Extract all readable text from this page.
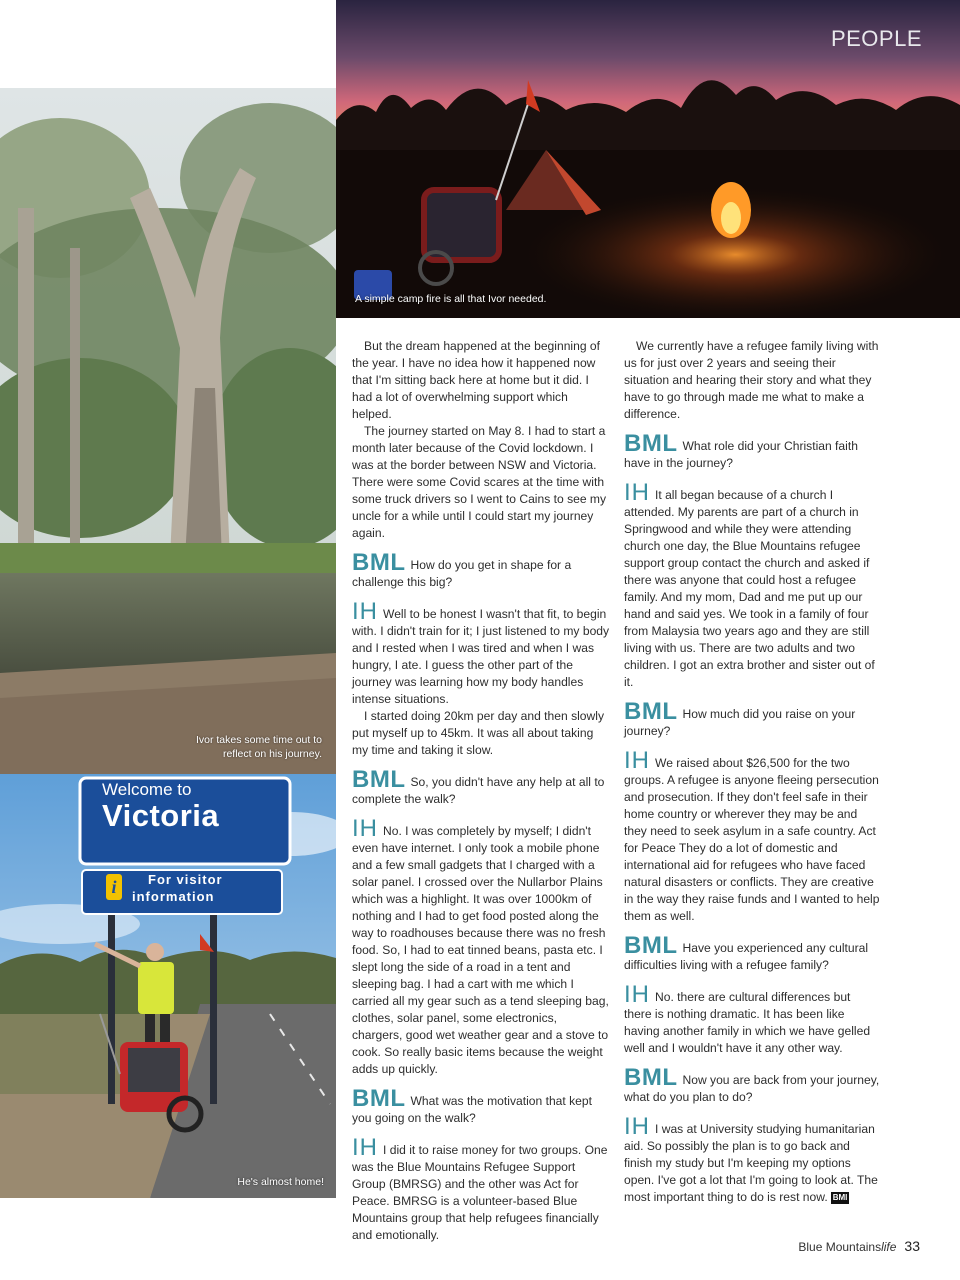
PEOPLE
A simple camp fire is all that Ivor needed.
Ivor takes some time out to reflect on his journey.
Welcome to
Victoria
For visitor
information
i
He's almost home!

But the dream happened at the beginning of the year. I have no idea how it happened now that I'm sitting back here at home but it did. I had a lot of overwhelming support which helped.

The journey started on May 8. I had to start a month later because of the Covid lockdown. I was at the border between NSW and Victoria. There were some Covid scares at the time with some truck drivers so I went to Cains to see my uncle for a while until I could start my journey again.

BML How do you get in shape for a challenge this big?

IH Well to be honest I wasn't that fit, to begin with. I didn't train for it; I just listened to my body and I rested when I was tired and when I was hungry, I ate. I guess the other part of the journey was learning how my body handles intense situations.

I started doing 20km per day and then slowly put myself up to 45km. It was all about taking my time and taking it slow.

BML So, you didn't have any help at all to complete the walk?

IH No. I was completely by myself; I didn't even have internet. I only took a mobile phone and a few small gadgets that I charged with a solar panel. I crossed over the Nullarbor Plains which was a highlight. It was over 1000km of nothing and I had to get food posted along the way to roadhouses because there was no fresh food. So, I had to eat tinned beans, pasta etc. I slept long the side of a road in a tent and sleeping bag. I had a cart with me which I carried all my gear such as a tend sleeping bag, clothes, solar panel, some electronics, chargers, good wet weather gear and a stove to cook. So really basic items because the weight adds up quickly.

BML What was the motivation that kept you going on the walk?

IH I did it to raise money for two groups. One was the Blue Mountains Refugee Support Group (BMRSG) and the other was Act for Peace. BMRSG is a volunteer-based Blue Mountains group that help refugees financially and emotionally.

We currently have a refugee family living with us for just over 2 years and seeing their situation and hearing their story and what they have to go through made me what to make a difference.

BML What role did your Christian faith have in the journey?

IH It all began because of a church I attended. My parents are part of a church in Springwood and while they were attending church one day, the Blue Mountains refugee support group contact the church and asked if there was anyone that could host a refugee family. And my mom, Dad and me put up our hand and said yes. We took in a family of four from Malaysia two years ago and they are still living with us. There are two adults and two children. I got an extra brother and sister out of it.

BML How much did you raise on your journey?

IH We raised about $26,500 for the two groups. A refugee is anyone fleeing persecution and prosecution. If they don't feel safe in their home country or wherever they may be and they need to seek asylum in a safe country. Act for Peace They do a lot of domestic and international aid for refugees who have faced natural disasters or conflicts. They are creative in the way they raise funds and I wanted to help them as well.

BML Have you experienced any cultural difficulties living with a refugee family?

IH No. there are cultural differences but there is nothing dramatic. It has been like having another family in which we have gelled well and I wouldn't have it any other way.

BML Now you are back from your journey, what do you plan to do?

IH I was at University studying humanitarian aid. So possibly the plan is to go back and finish my study but I'm keeping my options open. I've got a lot that I'm going to look at. The most important thing to do is rest now. BMl

Blue Mountainslife 33
